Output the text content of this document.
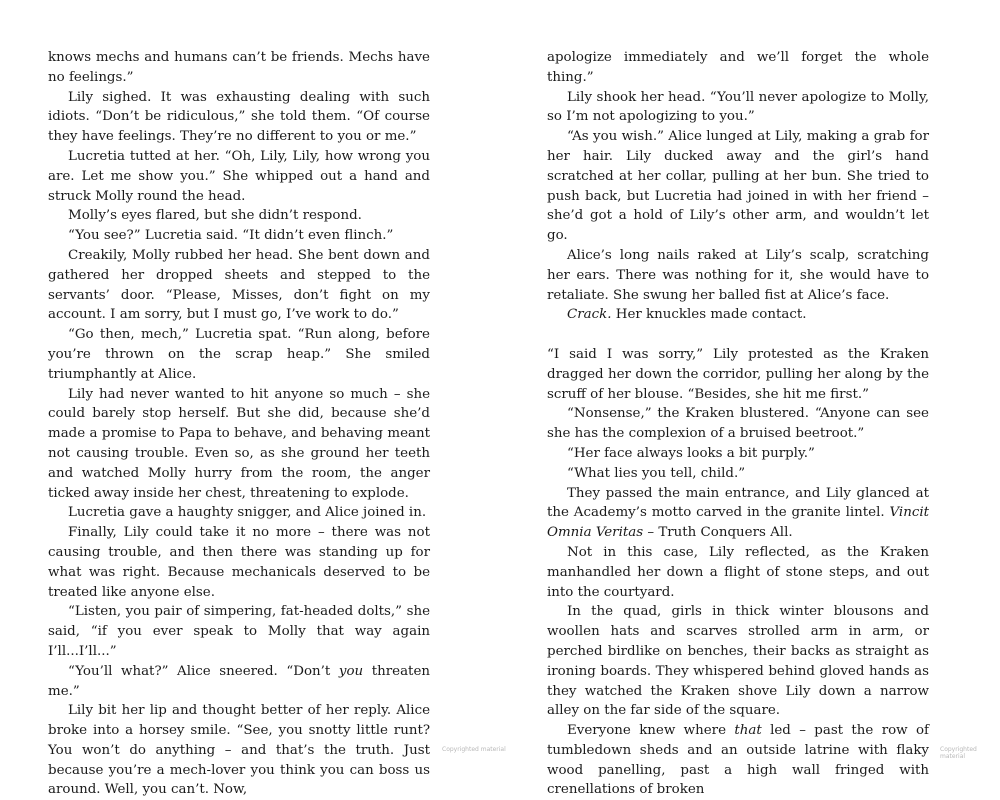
knows mechs and humans can’t be friends. Mechs have no feelings.”

Lily sighed. It was exhausting dealing with such idiots. “Don’t be ridiculous,” she told them. “Of course they have feelings. They’re no different to you or me.”

Lucretia tutted at her. “Oh, Lily, Lily, how wrong you are. Let me show you.” She whipped out a hand and struck Molly round the head.

Molly’s eyes flared, but she didn’t respond.

“You see?” Lucretia said. “It didn’t even flinch.”

Creakily, Molly rubbed her head. She bent down and gathered her dropped sheets and stepped to the servants’ door. “Please, Misses, don’t fight on my account. I am sorry, but I must go, I’ve work to do.”

“Go then, mech,” Lucretia spat. “Run along, before you’re thrown on the scrap heap.” She smiled triumphantly at Alice.

Lily had never wanted to hit anyone so much – she could barely stop herself. But she did, because she’d made a promise to Papa to behave, and behaving meant not causing trouble. Even so, as she ground her teeth and watched Molly hurry from the room, the anger ticked away inside her chest, threatening to explode.

Lucretia gave a haughty snigger, and Alice joined in.

Finally, Lily could take it no more – there was not causing trouble, and then there was standing up for what was right. Because mechanicals deserved to be treated like anyone else.

“Listen, you pair of simpering, fat-headed dolts,” she said, “if you ever speak to Molly that way again I’ll...I’ll...”

“You’ll what?” Alice sneered. “Don’t you threaten me.”

Lily bit her lip and thought better of her reply. Alice broke into a horsey smile. “See, you snotty little runt? You won’t do anything – and that’s the truth. Just because you’re a mech-lover you think you can boss us around. Well, you can’t. Now,

apologize immediately and we’ll forget the whole thing.”

Lily shook her head. “You’ll never apologize to Molly, so I’m not apologizing to you.”

“As you wish.” Alice lunged at Lily, making a grab for her hair. Lily ducked away and the girl’s hand scratched at her collar, pulling at her bun. She tried to push back, but Lucretia had joined in with her friend – she’d got a hold of Lily’s other arm, and wouldn’t let go.

Alice’s long nails raked at Lily’s scalp, scratching her ears. There was nothing for it, she would have to retaliate. She swung her balled fist at Alice’s face.

Crack. Her knuckles made contact.

“I said I was sorry,” Lily protested as the Kraken dragged her down the corridor, pulling her along by the scruff of her blouse. “Besides, she hit me first.”

“Nonsense,” the Kraken blustered. “Anyone can see she has the complexion of a bruised beetroot.”

“Her face always looks a bit purply.”

“What lies you tell, child.”

They passed the main entrance, and Lily glanced at the Academy’s motto carved in the granite lintel. Vincit Omnia Veritas – Truth Conquers All.

Not in this case, Lily reflected, as the Kraken manhandled her down a flight of stone steps, and out into the courtyard.

In the quad, girls in thick winter blousons and woollen hats and scarves strolled arm in arm, or perched birdlike on benches, their backs as straight as ironing boards. They whispered behind gloved hands as they watched the Kraken shove Lily down a narrow alley on the far side of the square.

Everyone knew where that led – past the row of tumbledown sheds and an outside latrine with flaky wood panelling, past a high wall fringed with crenellations of broken

Copyrighted material	Copyrighted material
